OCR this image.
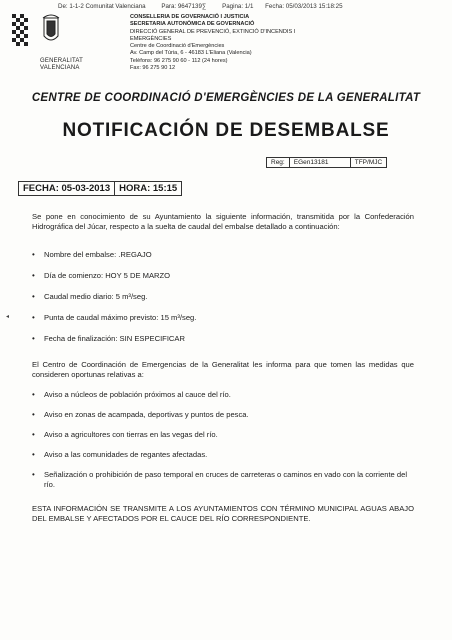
De: 1-1-2 Comunitat Valenciana	Para: 9647139∑	Pagina: 1/1 Fecha: 05/03/2013 15:18:25
GENERALITAT
VALENCIANA
CONSELLERIA DE GOVERNACIÓ I JUSTICIA
SECRETARIA AUTONÒMICA DE GOVERNACIÓ
DIRECCIÓ GENERAL DE PREVENCIÓ, EXTINCIÓ D'INCENDIS I EMERGÈNCIES
Centre de Coordinació d'Emergències
Av. Camp del Túria, 6 - 46183 L'Eliana (Valencia)
Telèfons: 96 275 90 60 - 112 (24 hores)
Fax: 96 275 90 12
CENTRE DE COORDINACIÓ D'EMERGÈNCIES DE LA GENERALITAT
NOTIFICACIÓN DE DESEMBALSE
Reg:	EGen13181	TFP/MJC
FECHA: 05-03-2013 HORA: 15:15
Se pone en conocimiento de su Ayuntamiento la siguiente información, transmitida por la Confederación Hidrográfica del Júcar, respecto a la suelta de caudal del embalse detallado a continuación:
•	Nombre del embalse: .REGAJO
•	Día de comienzo: HOY 5 DE MARZO
•	Caudal medio diario: 5 m³/seg.
•	Punta de caudal máximo previsto: 15 m³/seg.
•	Fecha de finalización: SIN ESPECIFICAR
El Centro de Coordinación de Emergencias de la Generalitat les informa para que tomen las medidas que consideren oportunas relativas a:
•	Aviso a núcleos de población próximos al cauce del río.
•	Aviso en zonas de acampada, deportivas y puntos de pesca.
•	Aviso a agricultores con tierras en las vegas del río.
•	Aviso a las comunidades de regantes afectadas.
•	Señalización o prohibición de paso temporal en cruces de carreteras o caminos en vado con la corriente del río.
ESTA INFORMACIÓN SE TRANSMITE A LOS AYUNTAMIENTOS CON TÉRMINO MUNICIPAL AGUAS ABAJO DEL EMBALSE Y AFECTADOS POR EL CAUCE DEL RÍO CORRESPONDIENTE.
◂
